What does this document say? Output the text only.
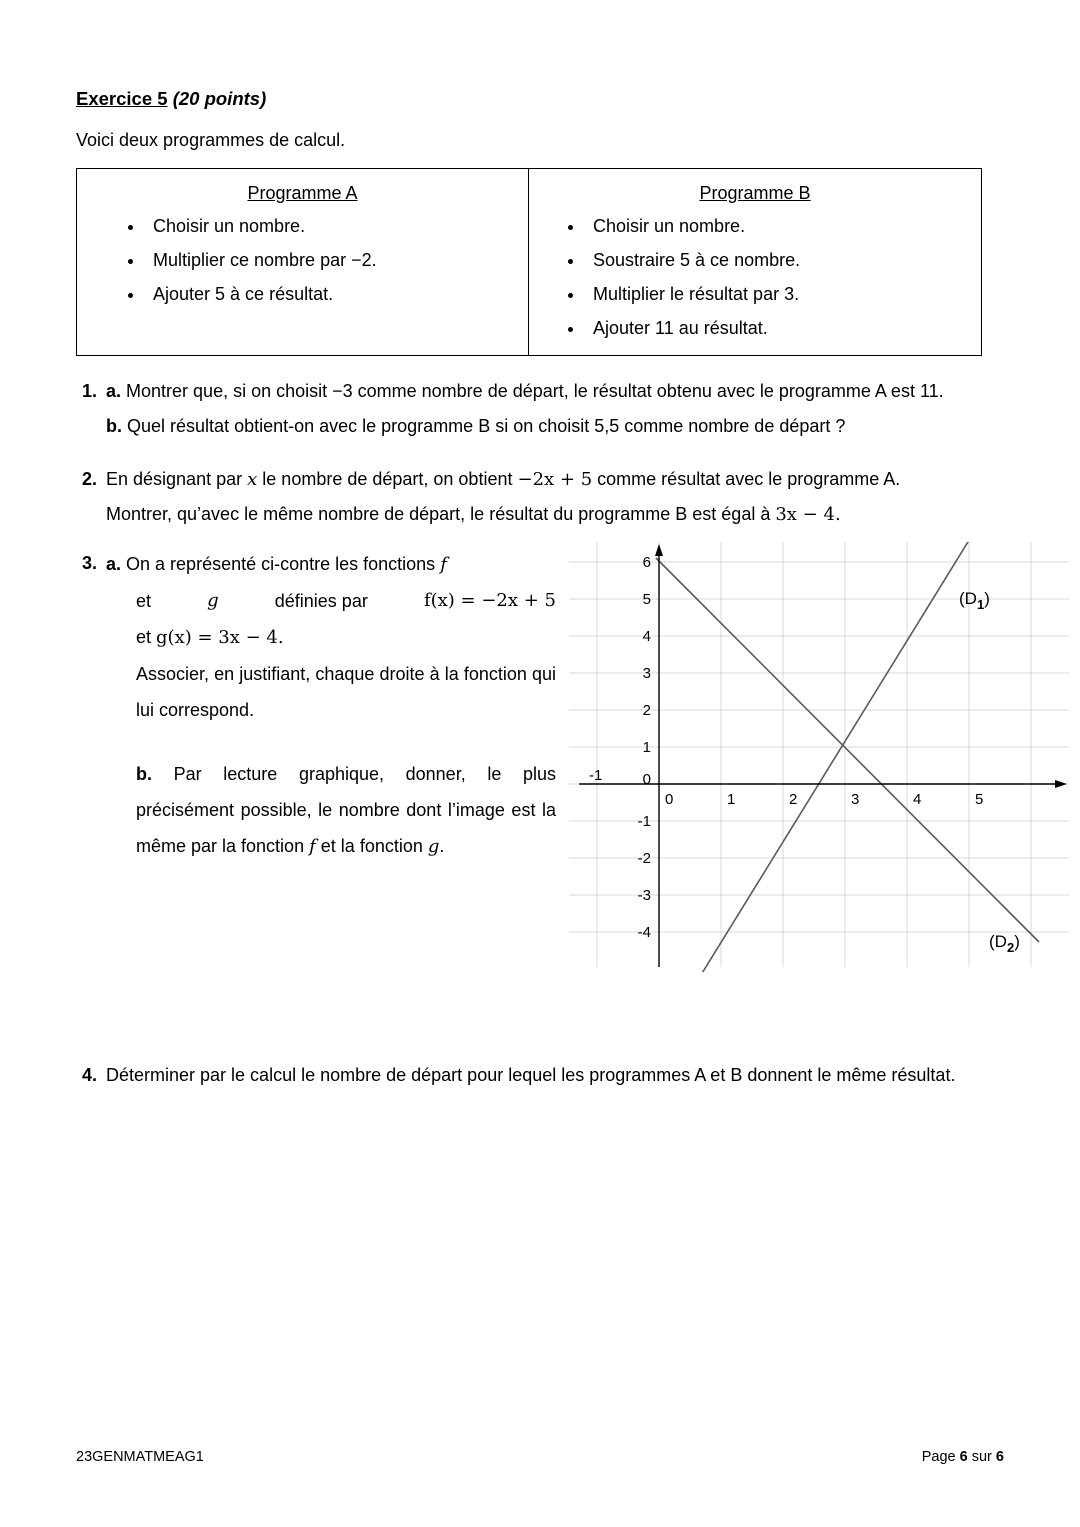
Exercice 5 (20 points)
Voici deux programmes de calcul.
Programme A
• Choisir un nombre.
• Multiplier ce nombre par −2.
• Ajouter 5 à ce résultat.
Programme B
• Choisir un nombre.
• Soustraire 5 à ce nombre.
• Multiplier le résultat par 3.
• Ajouter 11 au résultat.
1. a. Montrer que, si on choisit −3 comme nombre de départ, le résultat obtenu avec le programme A est 11.
b. Quel résultat obtient-on avec le programme B si on choisit 5,5 comme nombre de départ ?
2. En désignant par x le nombre de départ, on obtient −2x + 5 comme résultat avec le programme A.
Montrer, qu’avec le même nombre de départ, le résultat du programme B est égal à 3x − 4.
3. a. On a représenté ci-contre les fonctions f
et	g	définies par	f(x) = −2x + 5
et g(x) = 3x − 4.
Associer, en justifiant, chaque droite à la fonction qui lui correspond.
b. Par lecture graphique, donner, le plus précisément possible, le nombre dont l’image est la même par la fonction f et la fonction g.
-1
0	1	2	3	4	5
6
5
4
3
2
1
0
-1
-2
-3
-4
$(D_1)$
$(D_2)$
4. Déterminer par le calcul le nombre de départ pour lequel les programmes A et B donnent le même résultat.
23GENMATMEAG1	Page 6 sur 6
